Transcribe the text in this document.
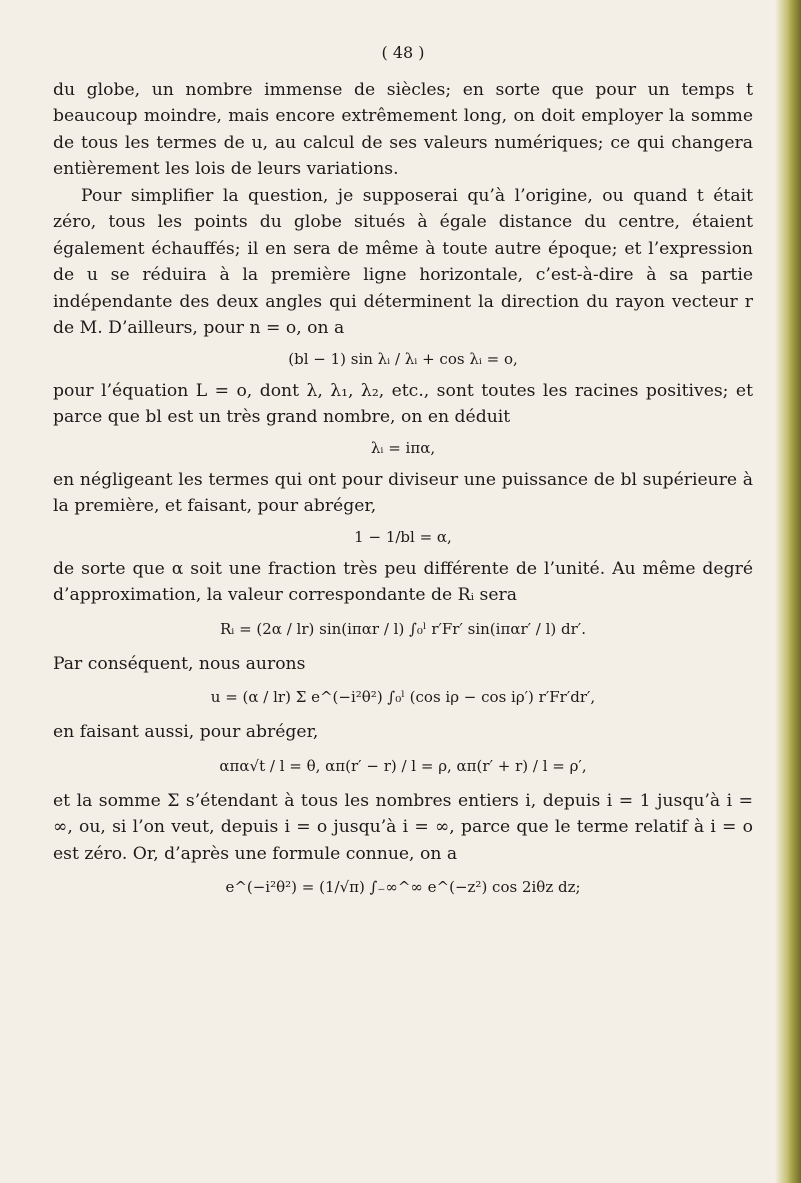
( 48 )

du globe, un nombre immense de siècles; en sorte que pour un temps t beaucoup moindre, mais encore extrêmement long, on doit employer la somme de tous les termes de u, au calcul de ses valeurs numériques; ce qui changera entièrement les lois de leurs variations.

Pour simplifier la question, je supposerai qu’à l’origine, ou quand t était zéro, tous les points du globe situés à égale distance du centre, étaient également échauffés; il en sera de même à toute autre époque; et l’expression de u se réduira à la première ligne horizontale, c’est-à-dire à sa partie indépendante des deux angles qui déterminent la direction du rayon vecteur r de M. D’ailleurs, pour n = o, on a

(bl − 1) sin λᵢ / λᵢ + cos λᵢ = o,

pour l’équation L = o, dont λ, λ₁, λ₂, etc., sont toutes les racines positives; et parce que bl est un très grand nombre, on en déduit

λᵢ = iπα,

en négligeant les termes qui ont pour diviseur une puissance de bl supérieure à la première, et faisant, pour abréger,

1 − 1/bl = α,

de sorte que α soit une fraction très peu différente de l’unité. Au même degré d’approximation, la valeur correspondante de Rᵢ sera

Rᵢ = (2α / lr) sin(iπαr / l) ∫₀ˡ r′Fr′ sin(iπαr′ / l) dr′.

Par conséquent, nous aurons

u = (α / lr) Σ e^(−i²θ²) ∫₀ˡ (cos iρ − cos iρ′) r′Fr′dr′,

en faisant aussi, pour abréger,

απα√t / l = θ, απ(r′ − r) / l = ρ, απ(r′ + r) / l = ρ′,

et la somme Σ s’étendant à tous les nombres entiers i, depuis i = 1 jusqu’à i = ∞, ou, si l’on veut, depuis i = o jusqu’à i = ∞, parce que le terme relatif à i = o est zéro. Or, d’après une formule connue, on a

e^(−i²θ²) = (1/√π) ∫₋∞^∞ e^(−z²) cos 2iθz dz;
